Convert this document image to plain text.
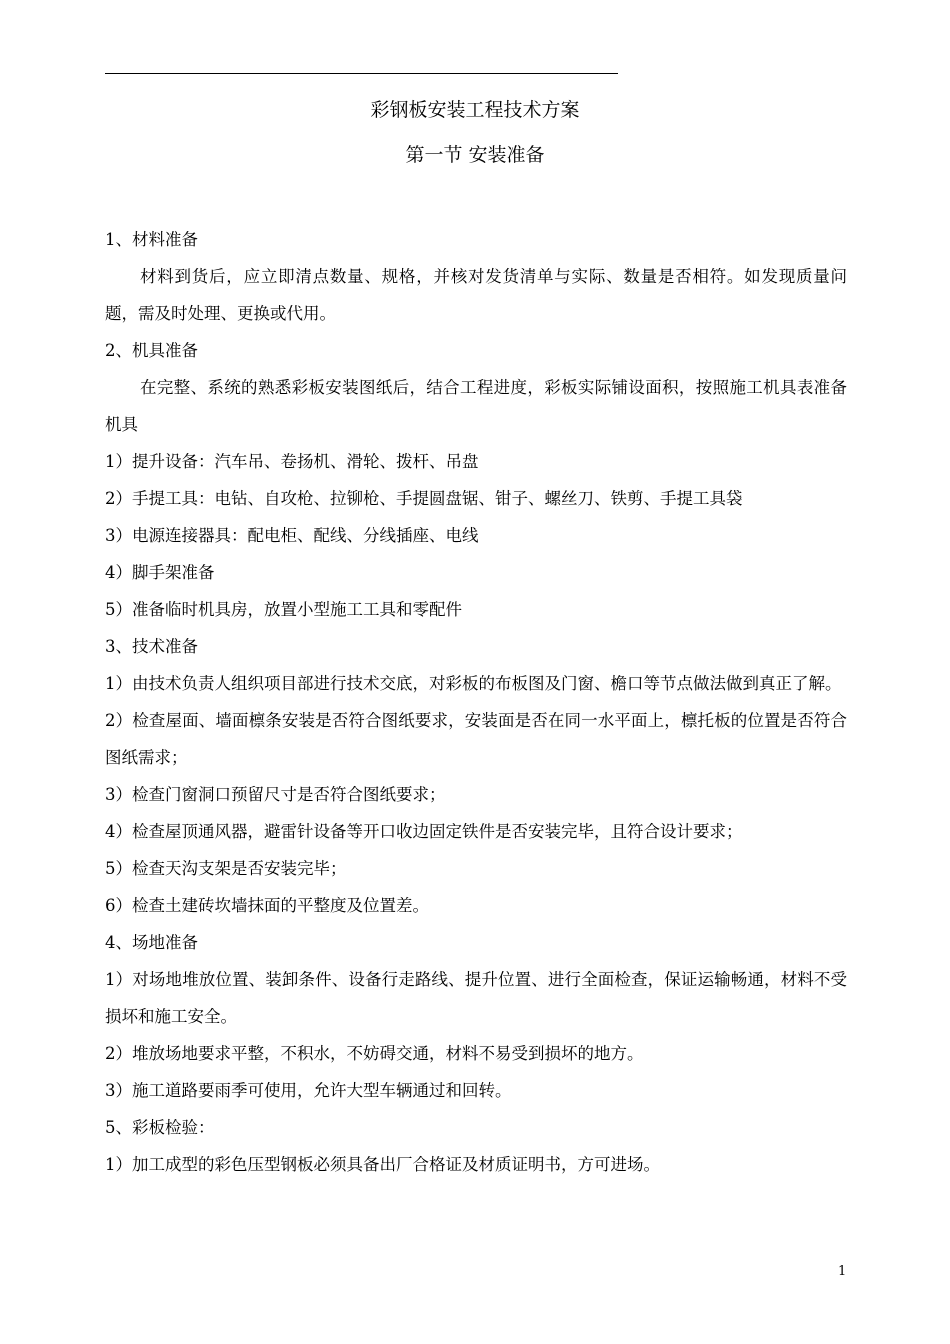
彩钢板安装工程技术方案
第一节 安装准备

1、材料准备

材料到货后，应立即清点数量、规格，并核对发货清单与实际、数量是否相符。如发现质量问题，需及时处理、更换或代用。

2、机具准备

在完整、系统的熟悉彩板安装图纸后，结合工程进度，彩板实际铺设面积，按照施工机具表准备机具

1）提升设备：汽车吊、卷扬机、滑轮、拨杆、吊盘

2）手提工具：电钻、自攻枪、拉铆枪、手提圆盘锯、钳子、螺丝刀、铁剪、手提工具袋

3）电源连接器具：配电柜、配线、分线插座、电线

4）脚手架准备

5）准备临时机具房，放置小型施工工具和零配件

3、技术准备

1）由技术负责人组织项目部进行技术交底，对彩板的布板图及门窗、檐口等节点做法做到真正了解。

2）检查屋面、墙面檩条安装是否符合图纸要求，安装面是否在同一水平面上，檩托板的位置是否符合图纸需求；

3）检查门窗洞口预留尺寸是否符合图纸要求；

4）检查屋顶通风器，避雷针设备等开口收边固定铁件是否安装完毕，且符合设计要求；

5）检查天沟支架是否安装完毕；

6）检查土建砖坎墙抹面的平整度及位置差。

4、场地准备

1）对场地堆放位置、装卸条件、设备行走路线、提升位置、进行全面检查，保证运输畅通，材料不受损坏和施工安全。

2）堆放场地要求平整，不积水，不妨碍交通，材料不易受到损坏的地方。

3）施工道路要雨季可使用，允许大型车辆通过和回转。

5、彩板检验：

1）加工成型的彩色压型钢板必须具备出厂合格证及材质证明书，方可进场。

1
